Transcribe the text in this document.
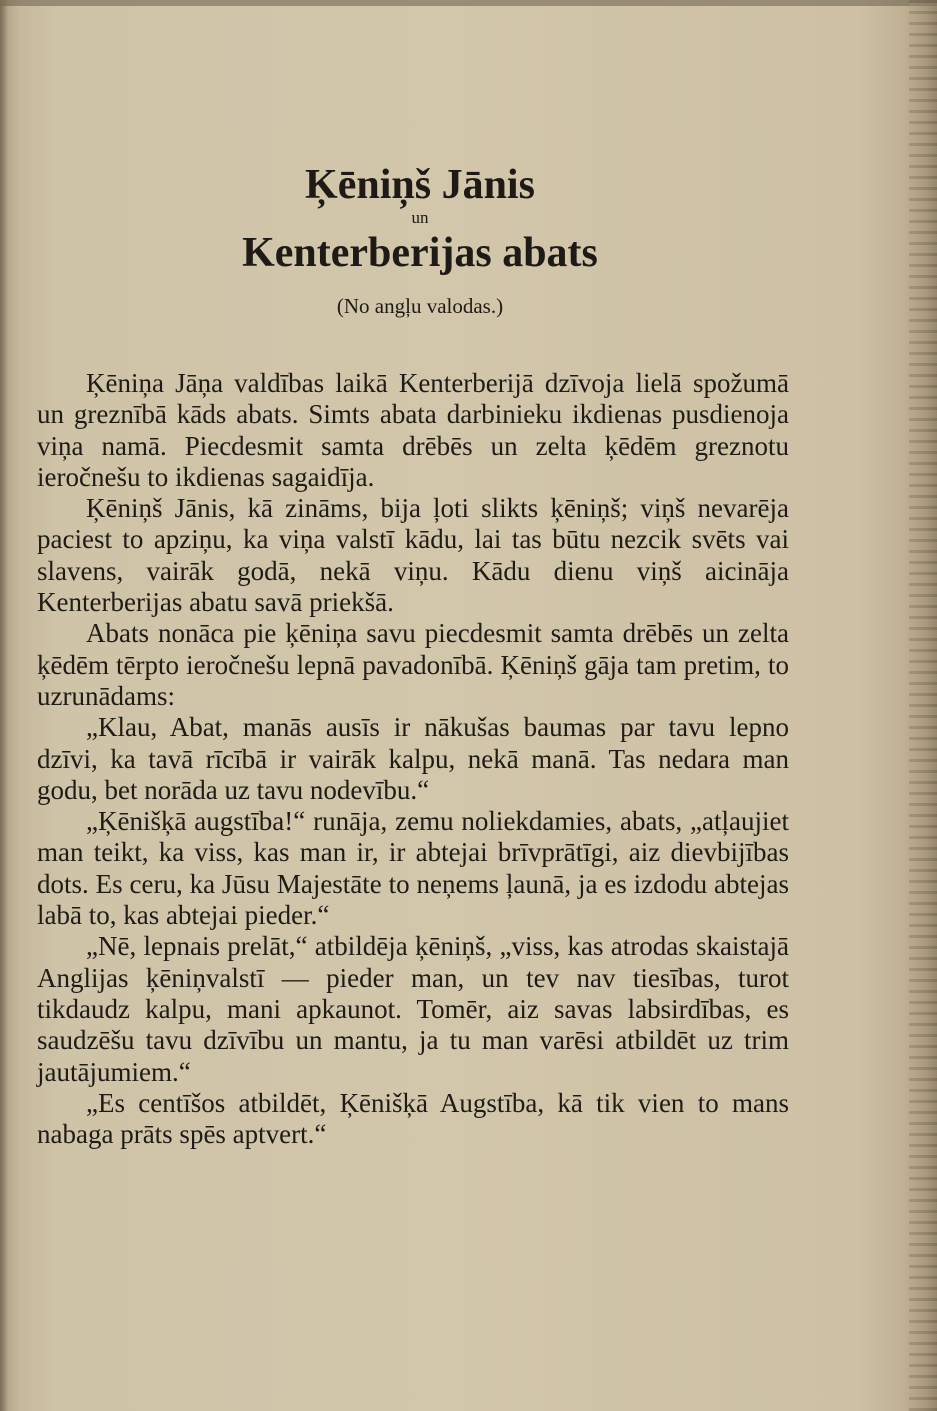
Ķēniņš Jānis
un
Kenterberijas abats
(No angļu valodas.)

Ķēniņa Jāņa valdības laikā Kenterberijā dzīvoja lielā spožumā un greznībā kāds abats. Simts abata darbinieku ikdienas pusdienoja viņa namā. Piecdesmit samta drēbēs un zelta ķēdēm greznotu ieročnešu to ikdienas sagaidīja.

Ķēniņš Jānis, kā zināms, bija ļoti slikts ķēniņš; viņš nevarēja paciest to apziņu, ka viņa valstī kādu, lai tas būtu nezcik svēts vai slavens, vairāk godā, nekā viņu. Kādu dienu viņš aicināja Kenterberijas abatu savā priekšā.

Abats nonāca pie ķēniņa savu piecdesmit samta drēbēs un zelta ķēdēm tērpto ieročnešu lepnā pavadonībā. Ķēniņš gāja tam pretim, to uzrunādams:

„Klau, Abat, manās ausīs ir nākušas baumas par tavu lepno dzīvi, ka tavā rīcībā ir vairāk kalpu, nekā manā. Tas nedara man godu, bet norāda uz tavu nodevību.“

„Ķēnišķā augstība!“ runāja, zemu noliekdamies, abats, „atļaujiet man teikt, ka viss, kas man ir, ir abtejai brīvprātīgi, aiz dievbijības dots. Es ceru, ka Jūsu Majestāte to neņems ļaunā, ja es izdodu abtejas labā to, kas abtejai pieder.“

„Nē, lepnais prelāt,“ atbildēja ķēniņš, „viss, kas atrodas skaistajā Anglijas ķēniņvalstī — pieder man, un tev nav tiesības, turot tikdaudz kalpu, mani apkaunot. Tomēr, aiz savas labsirdības, es saudzēšu tavu dzīvību un mantu, ja tu man varēsi atbildēt uz trim jautājumiem.“

„Es centīšos atbildēt, Ķēnišķā Augstība, kā tik vien to mans nabaga prāts spēs aptvert.“
